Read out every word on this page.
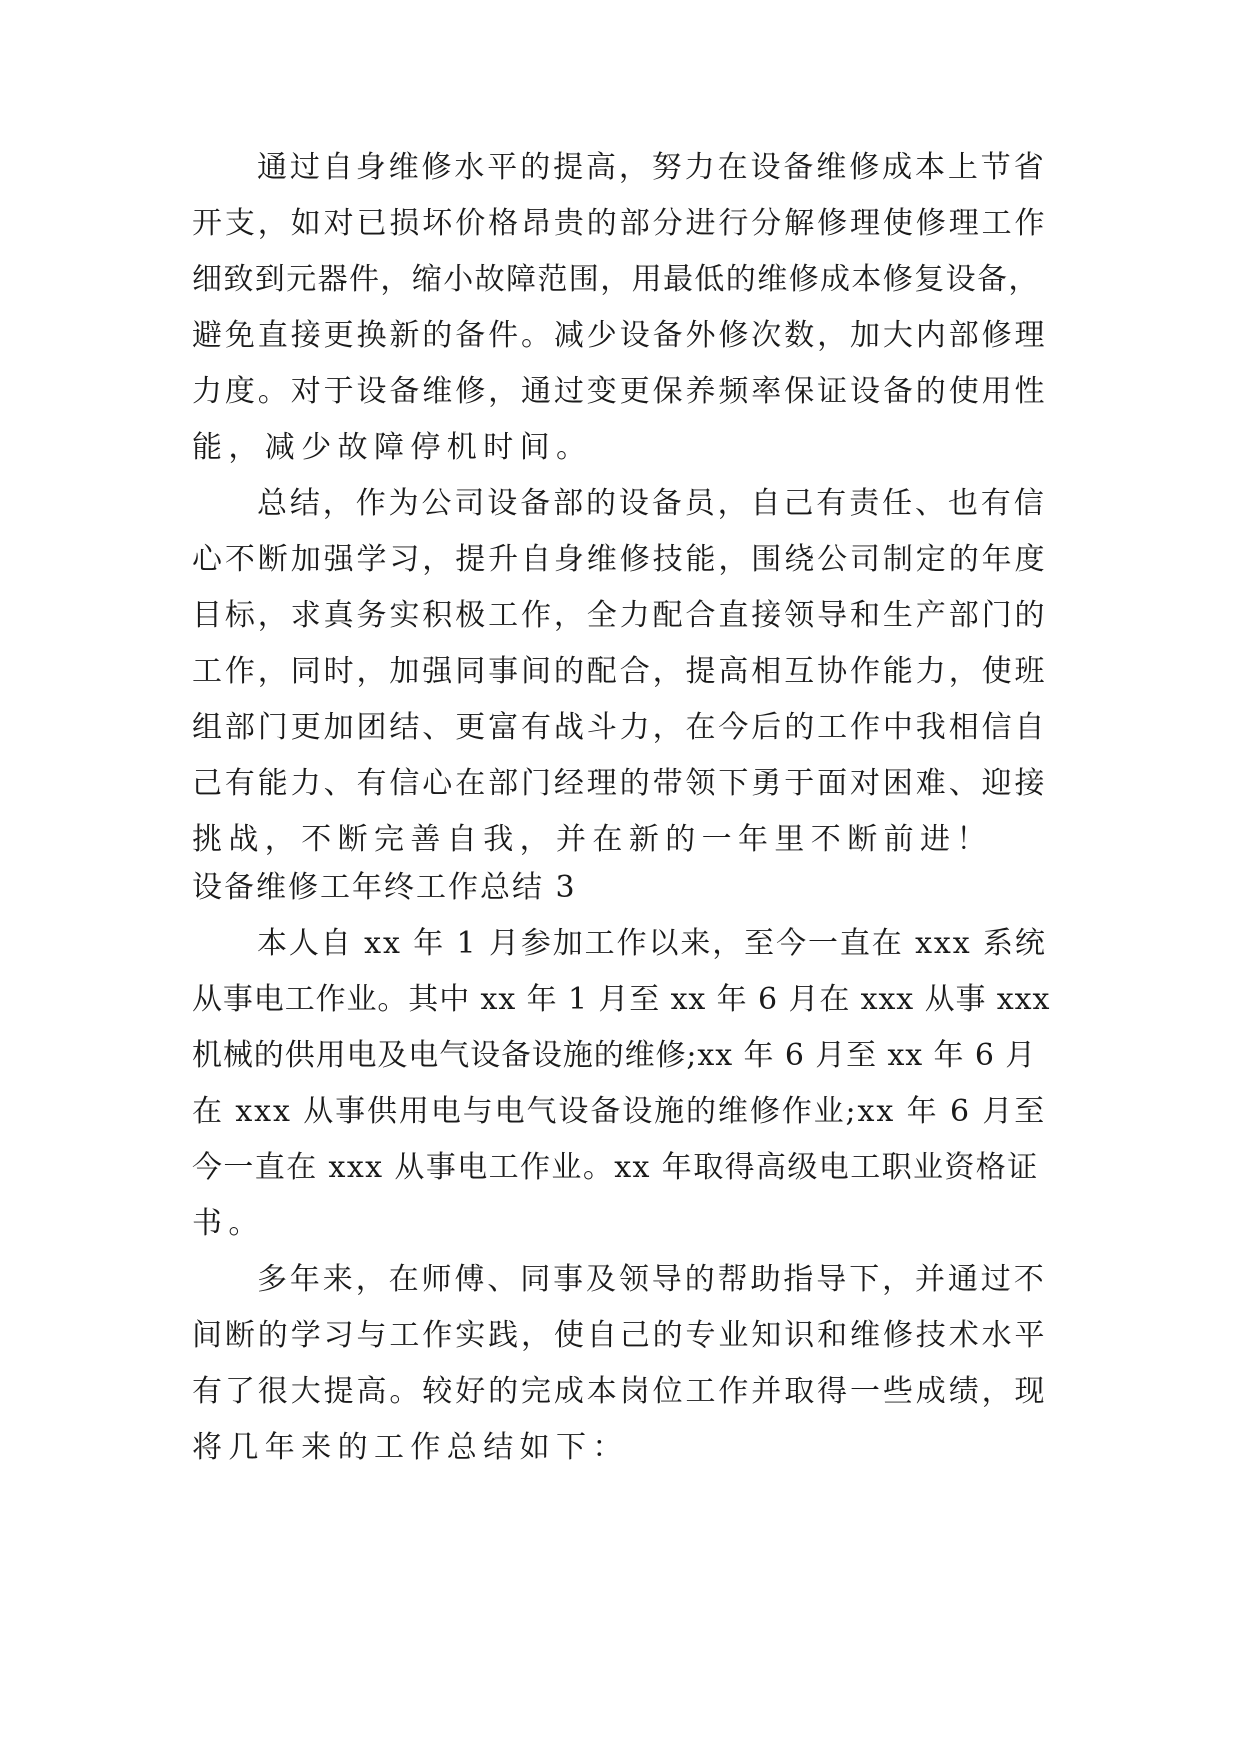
通过自身维修水平的提高，努力在设备维修成本上节省
开支，如对已损坏价格昂贵的部分进行分解修理使修理工作
细致到元器件，缩小故障范围，用最低的维修成本修复设备，
避免直接更换新的备件。减少设备外修次数，加大内部修理
力度。对于设备维修，通过变更保养频率保证设备的使用性
能，减少故障停机时间。
总结，作为公司设备部的设备员，自己有责任、也有信
心不断加强学习，提升自身维修技能，围绕公司制定的年度
目标，求真务实积极工作，全力配合直接领导和生产部门的
工作，同时，加强同事间的配合，提高相互协作能力，使班
组部门更加团结、更富有战斗力，在今后的工作中我相信自
己有能力、有信心在部门经理的带领下勇于面对困难、迎接
挑战，不断完善自我，并在新的一年里不断前进！
设备维修工年终工作总结 3
本人自 xx 年 1 月参加工作以来，至今一直在 xxx 系统
从事电工作业。其中 xx 年 1 月至 xx 年 6 月在 xxx 从事 xxx
机械的供用电及电气设备设施的维修;xx 年 6 月至 xx 年 6 月
在 xxx 从事供用电与电气设备设施的维修作业;xx 年 6 月至
今一直在 xxx 从事电工作业。xx 年取得高级电工职业资格证
书。
多年来，在师傅、同事及领导的帮助指导下，并通过不
间断的学习与工作实践，使自己的专业知识和维修技术水平
有了很大提高。较好的完成本岗位工作并取得一些成绩，现
将几年来的工作总结如下：
